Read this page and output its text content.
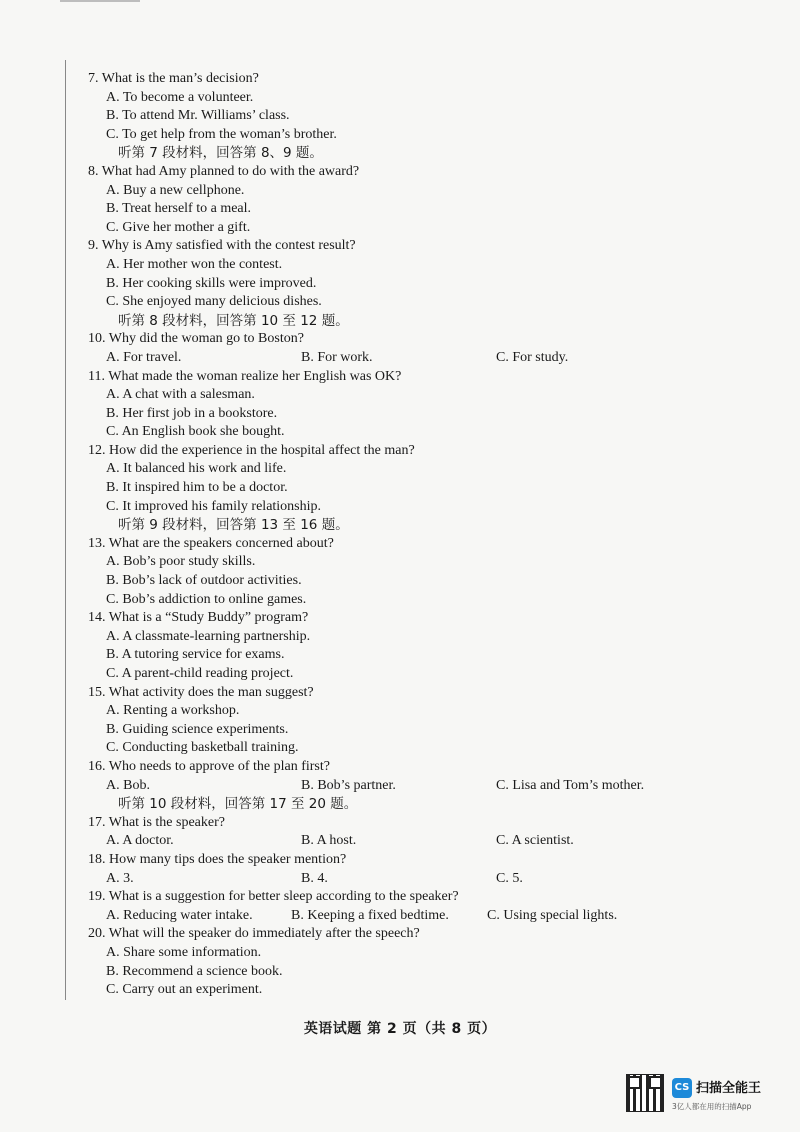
7. What is the man’s decision?
A. To become a volunteer.
B. To attend Mr. Williams’ class.
C. To get help from the woman’s brother.
听第 7 段材料，回答第 8、9 题。
8. What had Amy planned to do with the award?
A. Buy a new cellphone.
B. Treat herself to a meal.
C. Give her mother a gift.
9. Why is Amy satisfied with the contest result?
A. Her mother won the contest.
B. Her cooking skills were improved.
C. She enjoyed many delicious dishes.
听第 8 段材料，回答第 10 至 12 题。
10. Why did the woman go to Boston?
A. For travel.	B. For work.	C. For study.
11. What made the woman realize her English was OK?
A. A chat with a salesman.
B. Her first job in a bookstore.
C. An English book she bought.
12. How did the experience in the hospital affect the man?
A. It balanced his work and life.
B. It inspired him to be a doctor.
C. It improved his family relationship.
听第 9 段材料，回答第 13 至 16 题。
13. What are the speakers concerned about?
A. Bob’s poor study skills.
B. Bob’s lack of outdoor activities.
C. Bob’s addiction to online games.
14. What is a “Study Buddy” program?
A. A classmate-learning partnership.
B. A tutoring service for exams.
C. A parent-child reading project.
15. What activity does the man suggest?
A. Renting a workshop.
B. Guiding science experiments.
C. Conducting basketball training.
16. Who needs to approve of the plan first?
A. Bob.	B. Bob’s partner.	C. Lisa and Tom’s mother.
听第 10 段材料，回答第 17 至 20 题。
17. What is the speaker?
A. A doctor.	B. A host.	C. A scientist.
18. How many tips does the speaker mention?
A. 3.	B. 4.	C. 5.
19. What is a suggestion for better sleep according to the speaker?
A. Reducing water intake.	B. Keeping a fixed bedtime.	C. Using special lights.
20. What will the speaker do immediately after the speech?
A. Share some information.
B. Recommend a science book.
C. Carry out an experiment.
英语试题 第 2 页（共 8 页）
CS 扫描全能王
3亿人都在用的扫描App
